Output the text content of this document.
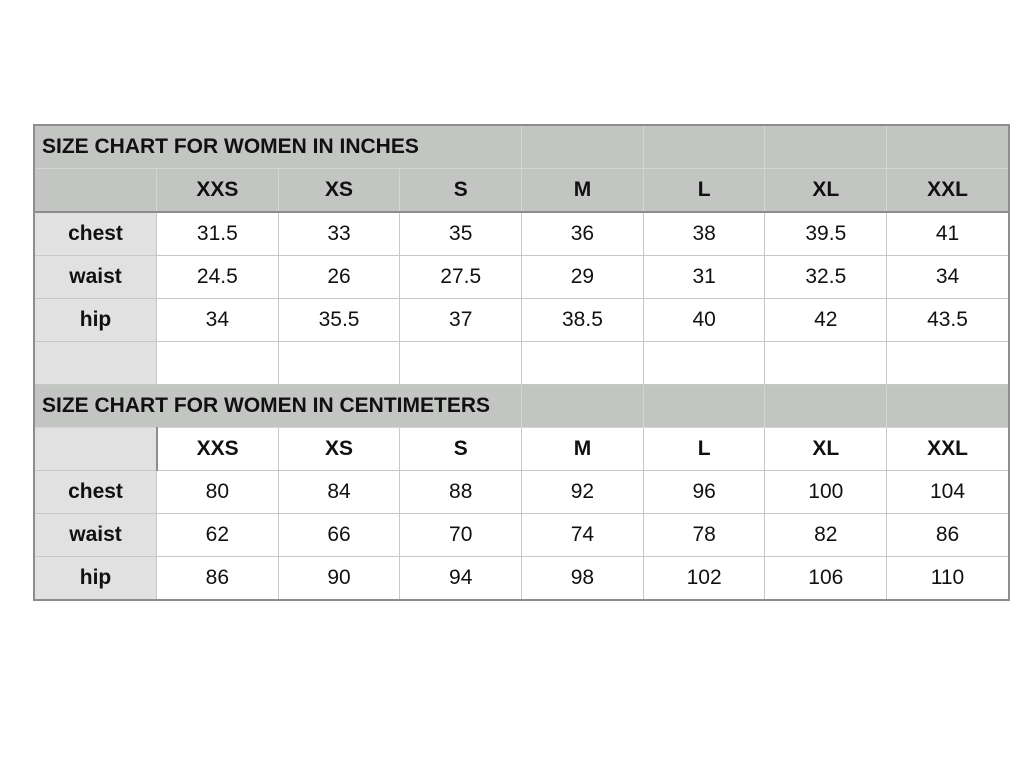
SIZE CHART FOR WOMEN IN INCHES							
	XXS	XS	S	M	L	XL	XXL
chest	31.5	33	35	36	38	39.5	41
waist	24.5	26	27.5	29	31	32.5	34
hip	34	35.5	37	38.5	40	42	43.5

SIZE CHART FOR WOMEN IN CENTIMETERS							
	XXS	XS	S	M	L	XL	XXL
chest	80	84	88	92	96	100	104
waist	62	66	70	74	78	82	86
hip	86	90	94	98	102	106	110
